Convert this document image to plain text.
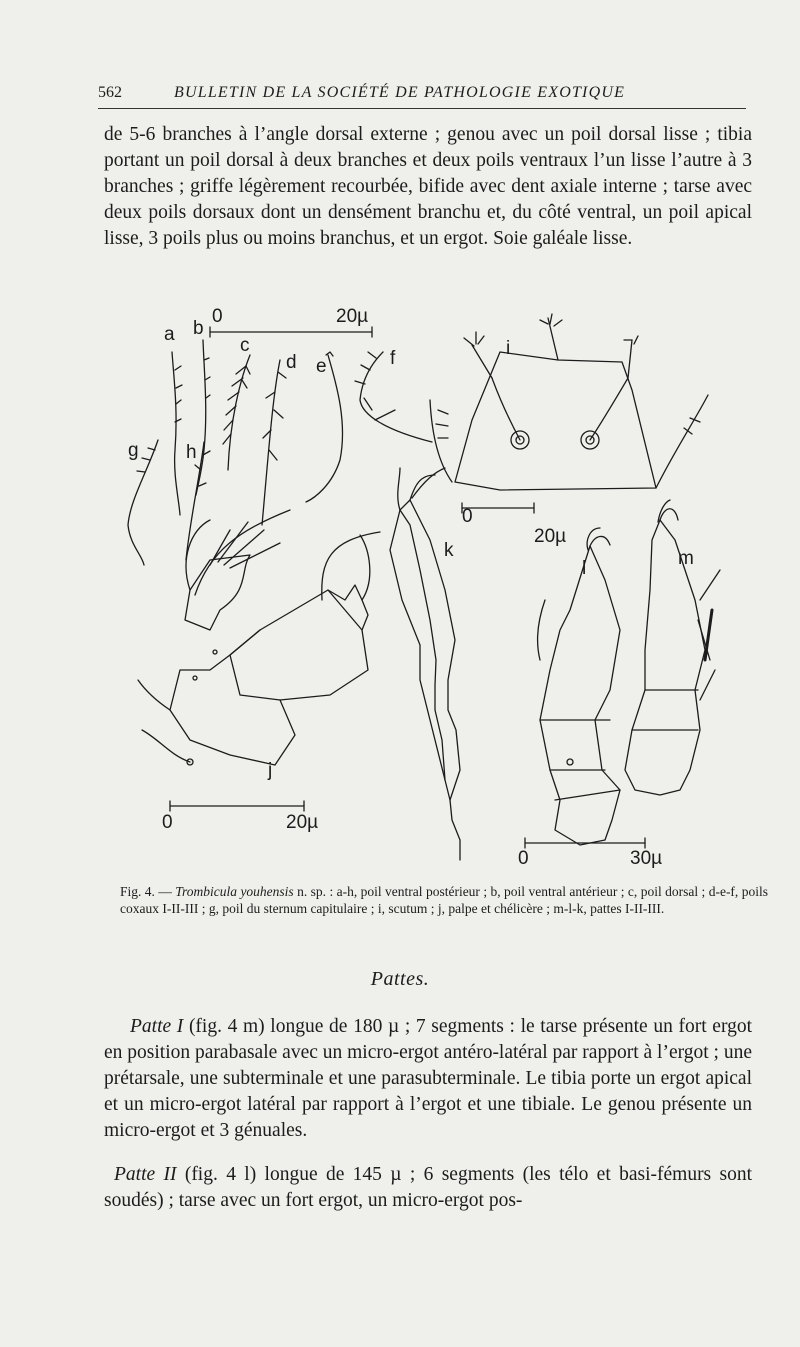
562	BULLETIN DE LA SOCIÉTÉ DE PATHOLOGIE EXOTIQUE
de 5-6 branches à l’angle dorsal externe ; genou avec un poil dorsal lisse ; tibia portant un poil dorsal à deux branches et deux poils ventraux l’un lisse l’autre à 3 branches ; griffe légèrement recourbée, bifide avec dent axiale interne ; tarse avec deux poils dorsaux dont un densément branchu et, du côté ventral, un poil apical lisse, 3 poils plus ou moins branchus, et un ergot. Soie galéale lisse.
a b
c
d e	f
g h
i
j
k
l	m
0	20µ
0
20µ
0	20µ
0	30µ
Fig. 4. — Trombicula youhensis n. sp. : a-h, poil ventral postérieur ; b, poil ventral antérieur ; c, poil dorsal ; d-e-f, poils coxaux I-II-III ; g, poil du sternum capitulaire ; i, scutum ; j, palpe et chélicère ; m-l-k, pattes I-II-III.
Pattes.
Patte I (fig. 4 m) longue de 180 µ ; 7 segments : le tarse présente un fort ergot en position parabasale avec un micro-ergot antéro-latéral par rapport à l’ergot ; une prétarsale, une subterminale et une parasubterminale. Le tibia porte un ergot apical et un micro-ergot latéral par rapport à l’ergot et une tibiale. Le genou présente un micro-ergot et 3 génuales.
Patte II (fig. 4 l) longue de 145 µ ; 6 segments (les télo et basi-fémurs sont soudés) ; tarse avec un fort ergot, un micro-ergot pos-
